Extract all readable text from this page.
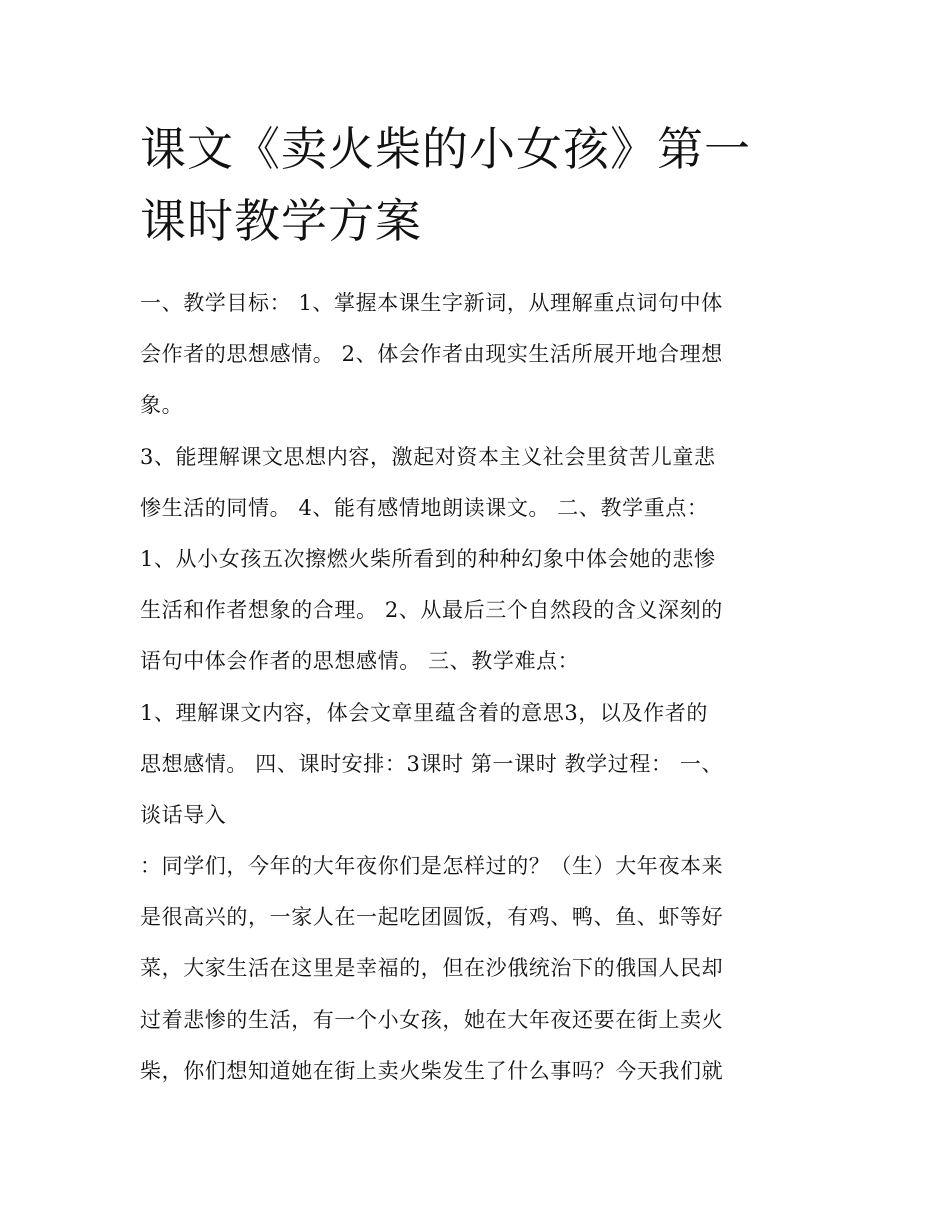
课文《卖火柴的小女孩》第一
课时教学方案
一、教学目标： 1、掌握本课生字新词，从理解重点词句中体
会作者的思想感情。 2、体会作者由现实生活所展开地合理想
象。
3、能理解课文思想内容，激起对资本主义社会里贫苦儿童悲
惨生活的同情。 4、能有感情地朗读课文。 二、教学重点：
1、从小女孩五次擦燃火柴所看到的种种幻象中体会她的悲惨
生活和作者想象的合理。 2、从最后三个自然段的含义深刻的
语句中体会作者的思想感情。 三、教学难点：
1、理解课文内容，体会文章里蕴含着的意思3，以及作者的
思想感情。 四、课时安排：3课时 第一课时 教学过程： 一、
谈话导入
：同学们，今年的大年夜你们是怎样过的？（生）大年夜本来
是很高兴的，一家人在一起吃团圆饭，有鸡、鸭、鱼、虾等好
菜，大家生活在这里是幸福的，但在沙俄统治下的俄国人民却
过着悲惨的生活，有一个小女孩，她在大年夜还要在街上卖火
柴，你们想知道她在街上卖火柴发生了什么事吗？今天我们就
